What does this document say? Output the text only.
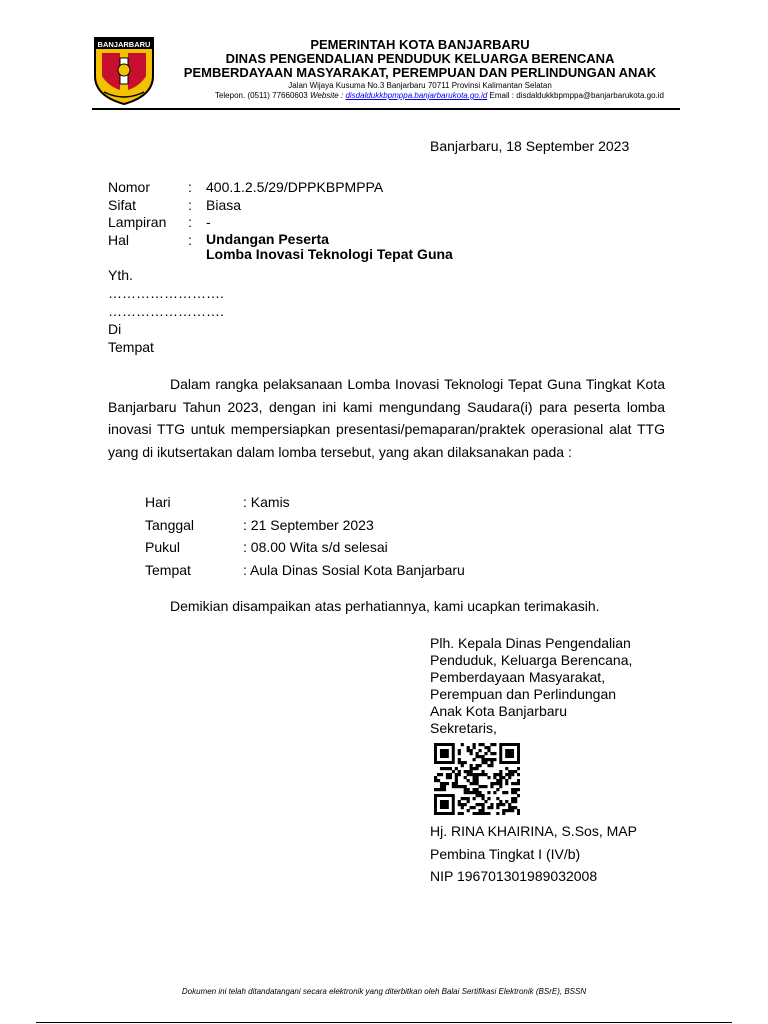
BANJARBARU	PEMERINTAH KOTA BANJARBARU
DINAS PENGENDALIAN PENDUDUK KELUARGA BERENCANA
PEMBERDAYAAN MASYARAKAT, PEREMPUAN DAN PERLINDUNGAN ANAK
Jalan Wijaya Kusuma No.3 Banjarbaru 70711 Provinsi Kalimantan Selatan
Telepon. (0511) 77660603 Website : disdaldukkbpmppa.banjarbarukota.go.id Email : disdaldukkbpmppa@banjarbarukota.go.id
Banjarbaru, 18 September 2023
Nomor	:	400.1.2.5/29/DPPKBPMPPA
Sifat	:	Biasa
Lampiran	:	-
Hal	:	Undangan Peserta
Lomba Inovasi Teknologi Tepat Guna
Yth.
…………………….
…………………….
Di
Tempat
Dalam rangka pelaksanaan Lomba Inovasi Teknologi Tepat Guna Tingkat Kota Banjarbaru Tahun 2023, dengan ini kami mengundang Saudara(i) para peserta lomba inovasi TTG untuk mempersiapkan presentasi/pemaparan/praktek operasional alat TTG yang di ikutsertakan dalam lomba tersebut, yang akan dilaksanakan pada :
Hari	: Kamis
Tanggal	: 21 September 2023
Pukul	: 08.00 Wita s/d selesai
Tempat	: Aula Dinas Sosial Kota Banjarbaru
Demikian disampaikan atas perhatiannya, kami ucapkan terimakasih.
Plh. Kepala Dinas Pengendalian
Penduduk, Keluarga Berencana,
Pemberdayaan Masyarakat,
Perempuan dan Perlindungan
Anak Kota Banjarbaru
Sekretaris,
Hj. RINA KHAIRINA, S.Sos, MAP
Pembina Tingkat I (IV/b)
NIP 196701301989032008
Dokumen ini telah ditandatangani secara elektronik yang diterbitkan oleh Balai Sertifikasi Elektronik (BSrE), BSSN
